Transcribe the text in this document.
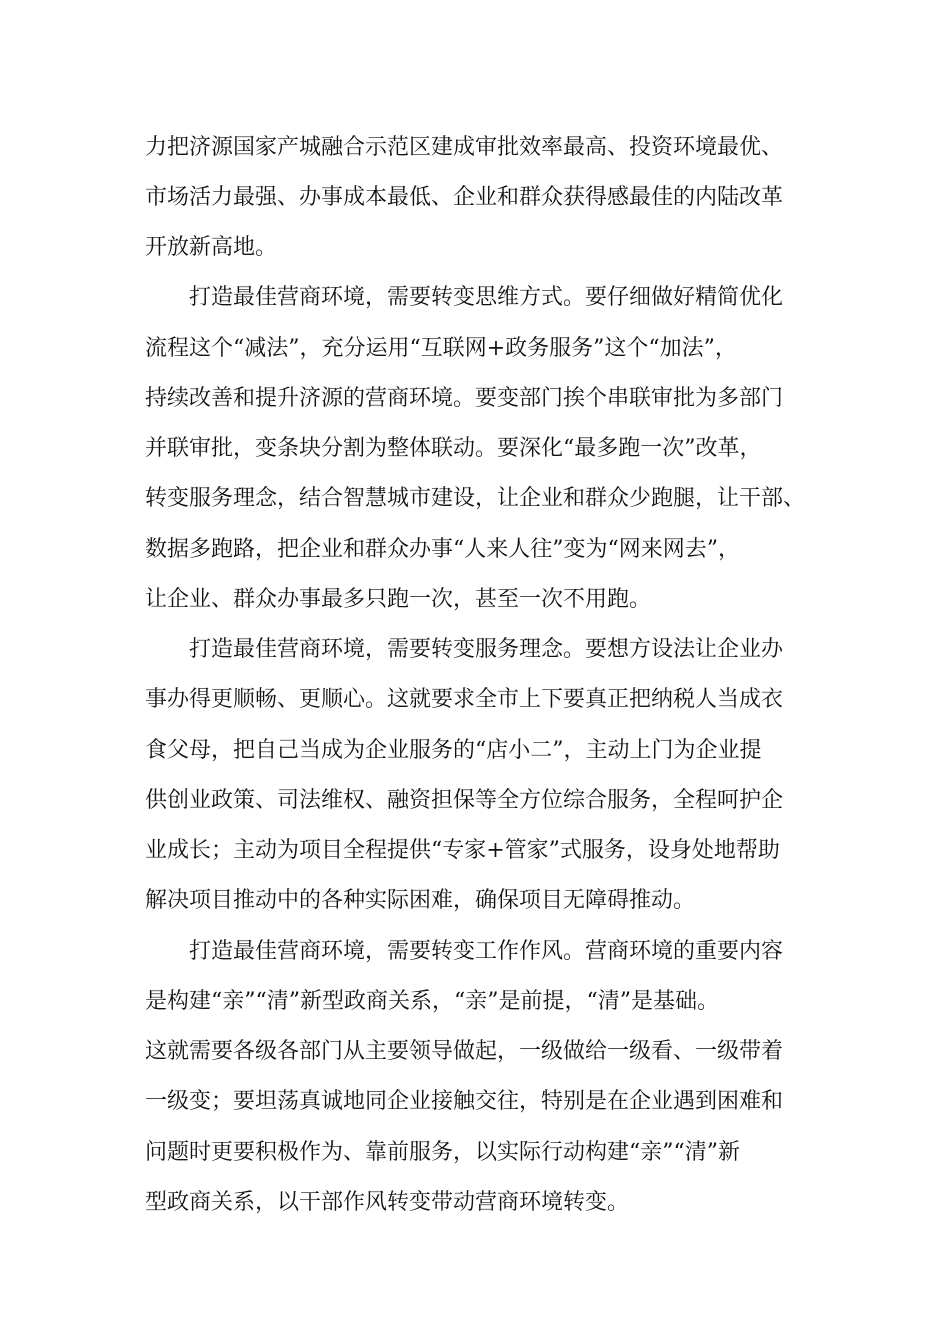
力把济源国家产城融合示范区建成审批效率最高、投资环境最优、
市场活力最强、办事成本最低、企业和群众获得感最佳的内陆改革
开放新高地。
打造最佳营商环境，需要转变思维方式。要仔细做好精简优化
流程这个“减法”，充分运用“互联网+政务服务”这个“加法”，
持续改善和提升济源的营商环境。要变部门挨个串联审批为多部门
并联审批，变条块分割为整体联动。要深化“最多跑一次”改革，
转变服务理念，结合智慧城市建设，让企业和群众少跑腿，让干部、
数据多跑路，把企业和群众办事“人来人往”变为“网来网去”，
让企业、群众办事最多只跑一次，甚至一次不用跑。
打造最佳营商环境，需要转变服务理念。要想方设法让企业办
事办得更顺畅、更顺心。这就要求全市上下要真正把纳税人当成衣
食父母，把自己当成为企业服务的“店小二”，主动上门为企业提
供创业政策、司法维权、融资担保等全方位综合服务，全程呵护企
业成长；主动为项目全程提供“专家+管家”式服务，设身处地帮助
解决项目推动中的各种实际困难，确保项目无障碍推动。
打造最佳营商环境，需要转变工作作风。营商环境的重要内容
是构建“亲”“清”新型政商关系，“亲”是前提，“清”是基础。
这就需要各级各部门从主要领导做起，一级做给一级看、一级带着
一级变；要坦荡真诚地同企业接触交往，特别是在企业遇到困难和
问题时更要积极作为、靠前服务，以实际行动构建“亲”“清”新
型政商关系，以干部作风转变带动营商环境转变。
